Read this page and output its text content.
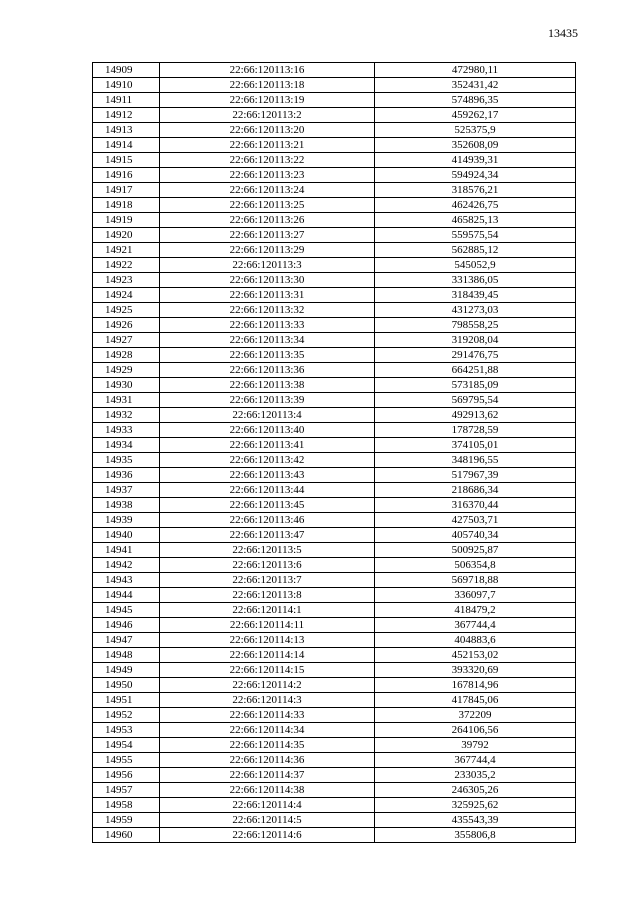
13435
14909	22:66:120113:16	472980,11
14910	22:66:120113:18	352431,42
14911	22:66:120113:19	574896,35
14912	22:66:120113:2	459262,17
14913	22:66:120113:20	525375,9
14914	22:66:120113:21	352608,09
14915	22:66:120113:22	414939,31
14916	22:66:120113:23	594924,34
14917	22:66:120113:24	318576,21
14918	22:66:120113:25	462426,75
14919	22:66:120113:26	465825,13
14920	22:66:120113:27	559575,54
14921	22:66:120113:29	562885,12
14922	22:66:120113:3	545052,9
14923	22:66:120113:30	331386,05
14924	22:66:120113:31	318439,45
14925	22:66:120113:32	431273,03
14926	22:66:120113:33	798558,25
14927	22:66:120113:34	319208,04
14928	22:66:120113:35	291476,75
14929	22:66:120113:36	664251,88
14930	22:66:120113:38	573185,09
14931	22:66:120113:39	569795,54
14932	22:66:120113:4	492913,62
14933	22:66:120113:40	178728,59
14934	22:66:120113:41	374105,01
14935	22:66:120113:42	348196,55
14936	22:66:120113:43	517967,39
14937	22:66:120113:44	218686,34
14938	22:66:120113:45	316370,44
14939	22:66:120113:46	427503,71
14940	22:66:120113:47	405740,34
14941	22:66:120113:5	500925,87
14942	22:66:120113:6	506354,8
14943	22:66:120113:7	569718,88
14944	22:66:120113:8	336097,7
14945	22:66:120114:1	418479,2
14946	22:66:120114:11	367744,4
14947	22:66:120114:13	404883,6
14948	22:66:120114:14	452153,02
14949	22:66:120114:15	393320,69
14950	22:66:120114:2	167814,96
14951	22:66:120114:3	417845,06
14952	22:66:120114:33	372209
14953	22:66:120114:34	264106,56
14954	22:66:120114:35	39792
14955	22:66:120114:36	367744,4
14956	22:66:120114:37	233035,2
14957	22:66:120114:38	246305,26
14958	22:66:120114:4	325925,62
14959	22:66:120114:5	435543,39
14960	22:66:120114:6	355806,8
